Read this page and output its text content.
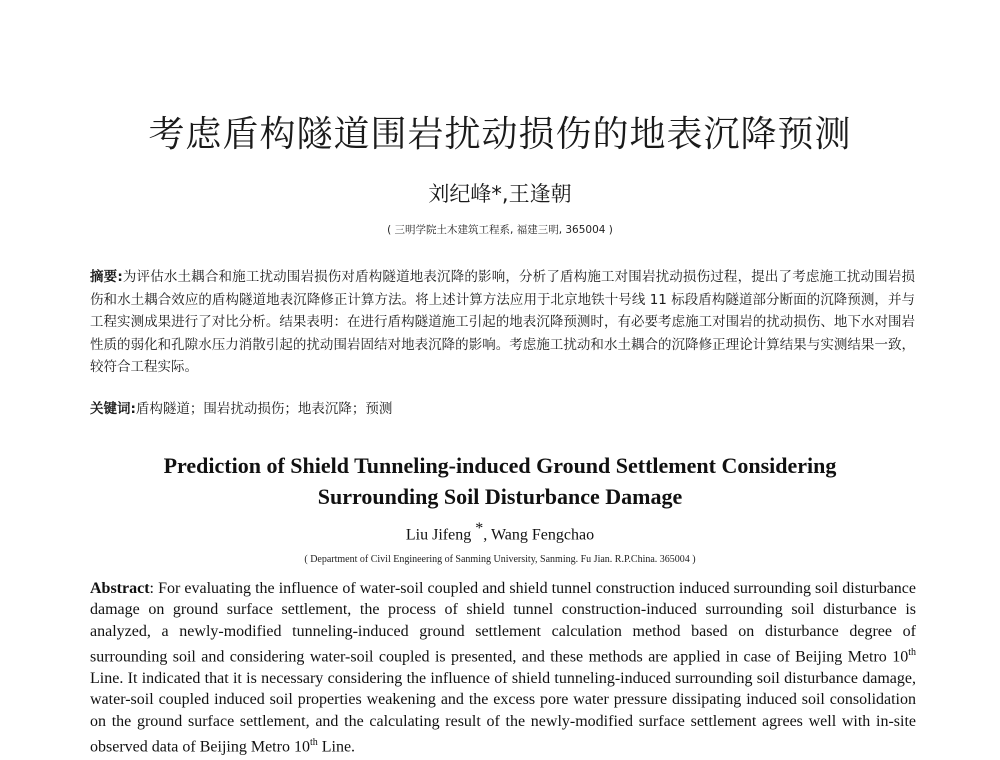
考虑盾构隧道围岩扰动损伤的地表沉降预测
刘纪峰*,王逢朝
( 三明学院土木建筑工程系, 福建三明, 365004 )
摘要:为评估水土耦合和施工扰动围岩损伤对盾构隧道地表沉降的影响，分析了盾构施工对围岩扰动损伤过程，提出了考虑施工扰动围岩损伤和水土耦合效应的盾构隧道地表沉降修正计算方法。将上述计算方法应用于北京地铁十号线 11 标段盾构隧道部分断面的沉降预测，并与工程实测成果进行了对比分析。结果表明：在进行盾构隧道施工引起的地表沉降预测时，有必要考虑施工对围岩的扰动损伤、地下水对围岩性质的弱化和孔隙水压力消散引起的扰动围岩固结对地表沉降的影响。考虑施工扰动和水土耦合的沉降修正理论计算结果与实测结果一致，较符合工程实际。
关键词:盾构隧道；围岩扰动损伤；地表沉降；预测
Prediction of Shield Tunneling-induced Ground Settlement Considering
Surrounding Soil Disturbance Damage
Liu Jifeng *, Wang Fengchao
( Department of Civil Engineering of Sanming University, Sanming. Fu Jian. R.P.China. 365004 )
Abstract: For evaluating the influence of water-soil coupled and shield tunnel construction induced surrounding soil disturbance damage on ground surface settlement, the process of shield tunnel construction-induced surrounding soil disturbance is analyzed, a newly-modified tunneling-induced ground settlement calculation method based on disturbance degree of surrounding soil and considering water-soil coupled is presented, and these methods are applied in case of Beijing Metro 10th Line. It indicated that it is necessary considering the influence of shield tunneling-induced surrounding soil disturbance damage, water-soil coupled induced soil properties weakening and the excess pore water pressure dissipating induced soil consolidation on the ground surface settlement, and the calculating result of the newly-modified surface settlement agrees well with in-site observed data of Beijing Metro 10th Line.
